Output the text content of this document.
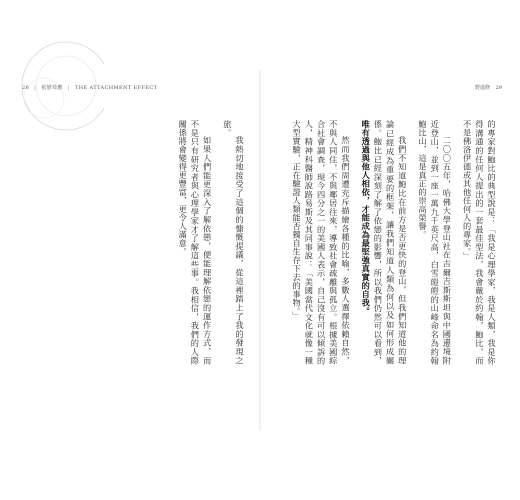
26 | 依戀效應 | THE ATTACHMENT EFFECT	野進修 29

的專家對鮑比的典型說是：「我是心理學家，我是人類，我是你得溝通的任何人提出的一套最佳型法，我會嚴於約翰，鮑比，而不是佛洛伊德或其他任何人的專家。」

二〇〇五年，哈佛大學登山社在吉爾吉斯斯坦與中國邊境附近登山，並到一座一萬九千英尺高，白雪皚皚的山峰命名為約翰鮑比山，這是真正的崇高榮譽。

我們不知道鮑比在前方是否更快的登山，但我們知道他的理論已經成為重要的框架，讓我們知道人類為何以及如何形成關係。鮑比已經深刻了解了依戀的影響，所以我們仍然可以看到，唯有透過與他人相依，才能成為最堅強真實的自我。

然而我們周遭充斥描繪各種的比喻，多數人選擇依賴自然，不與人同住，不與鄰居往來，導致社會疏離與孤立。根據美國綜合社會調查，現今四分之一的美國人表示，自己沒有可以傾訴的人，精神科醫師說路易斯及其同事說：「美國當代文化就像一種大型實驗，正在驗證人類能否獨自生存下去的事物。」

我熱切地接受了這個的慷慨提議，從這裡踏上了我的發現之旅。

如果人們能更深入了解依戀，便能理解依戀的運作方式，而不是只有研究者與心理學家才了解這些事。我相信，我們的人際關係將會變得更豐富，更令人滿意。
